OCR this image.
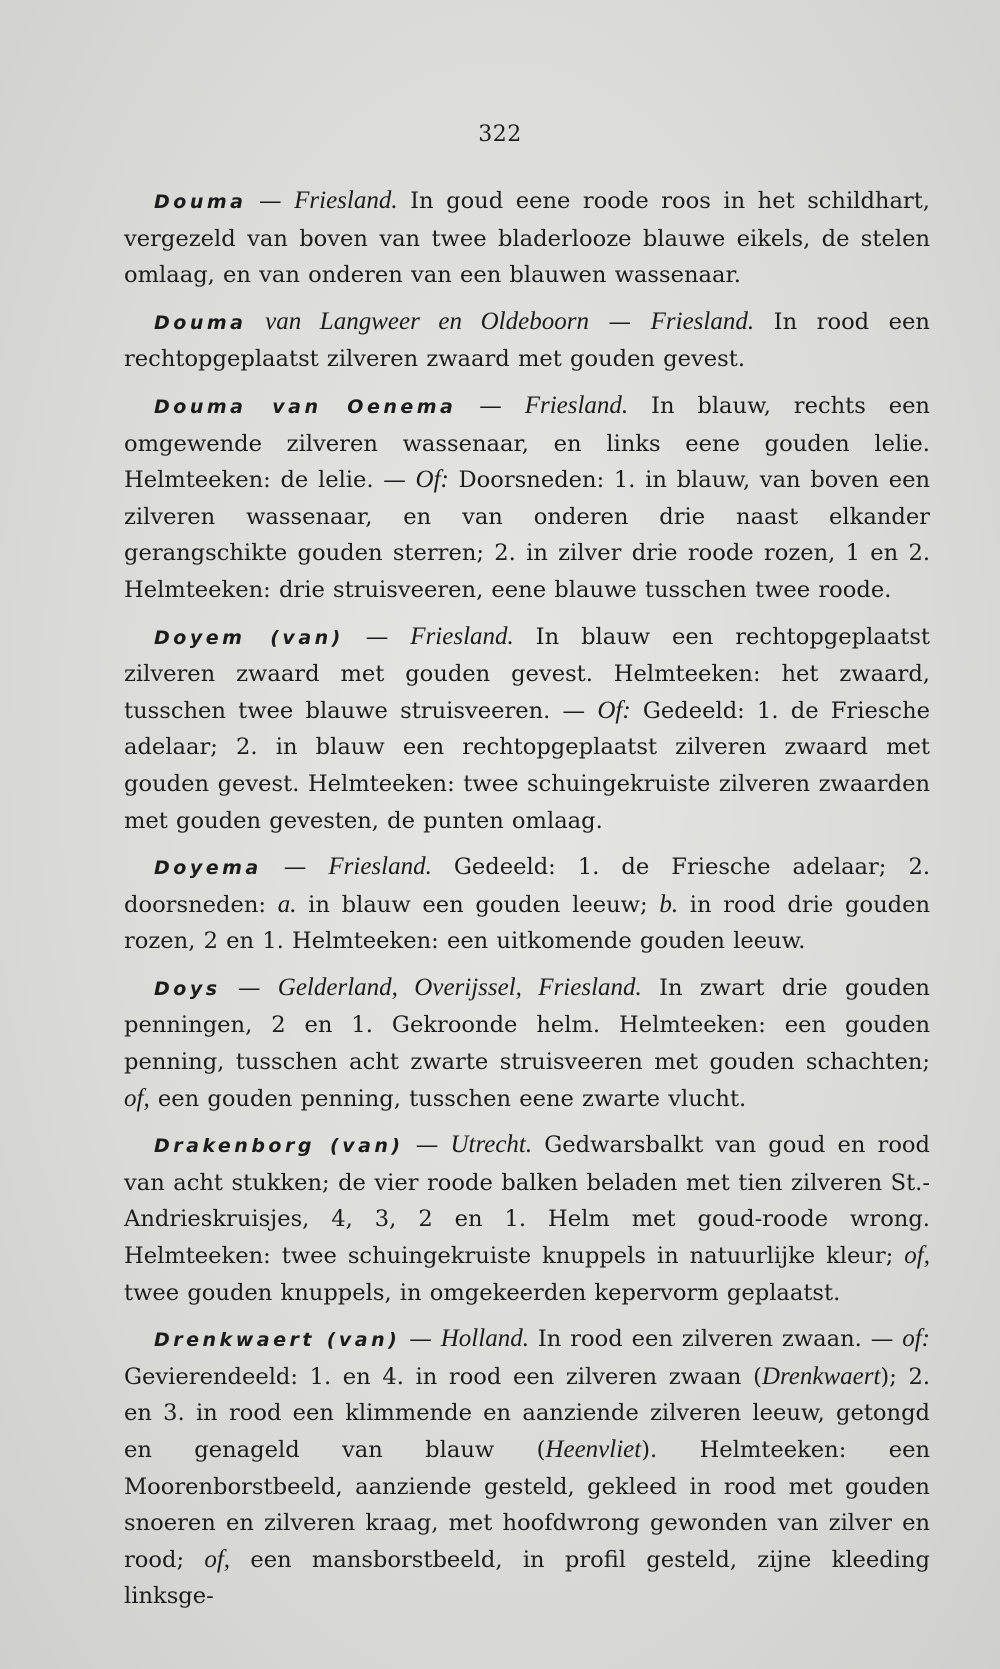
322

Douma — Friesland. In goud eene roode roos in het schildhart, vergezeld van boven van twee bladerlooze blauwe eikels, de stelen omlaag, en van onderen van een blauwen wassenaar.

Douma van Langweer en Oldeboorn — Friesland. In rood een rechtopgeplaatst zilveren zwaard met gouden gevest.

Douma van Oenema — Friesland. In blauw, rechts een omgewende zilveren wassenaar, en links eene gouden lelie. Helmteeken: de lelie. — Of: Doorsneden: 1. in blauw, van boven een zilveren wassenaar, en van onderen drie naast elkander gerangschikte gouden sterren; 2. in zilver drie roode rozen, 1 en 2. Helmteeken: drie struisveeren, eene blauwe tusschen twee roode.

Doyem (van) — Friesland. In blauw een rechtopgeplaatst zilveren zwaard met gouden gevest. Helmteeken: het zwaard, tusschen twee blauwe struisveeren. — Of: Gedeeld: 1. de Friesche adelaar; 2. in blauw een rechtopgeplaatst zilveren zwaard met gouden gevest. Helmteeken: twee schuingekruiste zilveren zwaarden met gouden gevesten, de punten omlaag.

Doyema — Friesland. Gedeeld: 1. de Friesche adelaar; 2. doorsneden: a. in blauw een gouden leeuw; b. in rood drie gouden rozen, 2 en 1. Helmteeken: een uitkomende gouden leeuw.

Doys — Gelderland, Overijssel, Friesland. In zwart drie gouden penningen, 2 en 1. Gekroonde helm. Helmteeken: een gouden penning, tusschen acht zwarte struisveeren met gouden schachten; of, een gouden penning, tusschen eene zwarte vlucht.

Drakenborg (van) — Utrecht. Gedwarsbalkt van goud en rood van acht stukken; de vier roode balken beladen met tien zilveren St.-Andrieskruisjes, 4, 3, 2 en 1. Helm met goud-roode wrong. Helmteeken: twee schuingekruiste knuppels in natuurlijke kleur; of, twee gouden knuppels, in omgekeerden kepervorm geplaatst.

Drenkwaert (van) — Holland. In rood een zilveren zwaan. — of: Gevierendeeld: 1. en 4. in rood een zilveren zwaan (Drenkwaert); 2. en 3. in rood een klimmende en aanziende zilveren leeuw, getongd en genageld van blauw (Heenvliet). Helmteeken: een Moorenborstbeeld, aanziende gesteld, gekleed in rood met gouden snoeren en zilveren kraag, met hoofdwrong gewonden van zilver en rood; of, een mansborstbeeld, in profil gesteld, zijne kleeding linksge-
